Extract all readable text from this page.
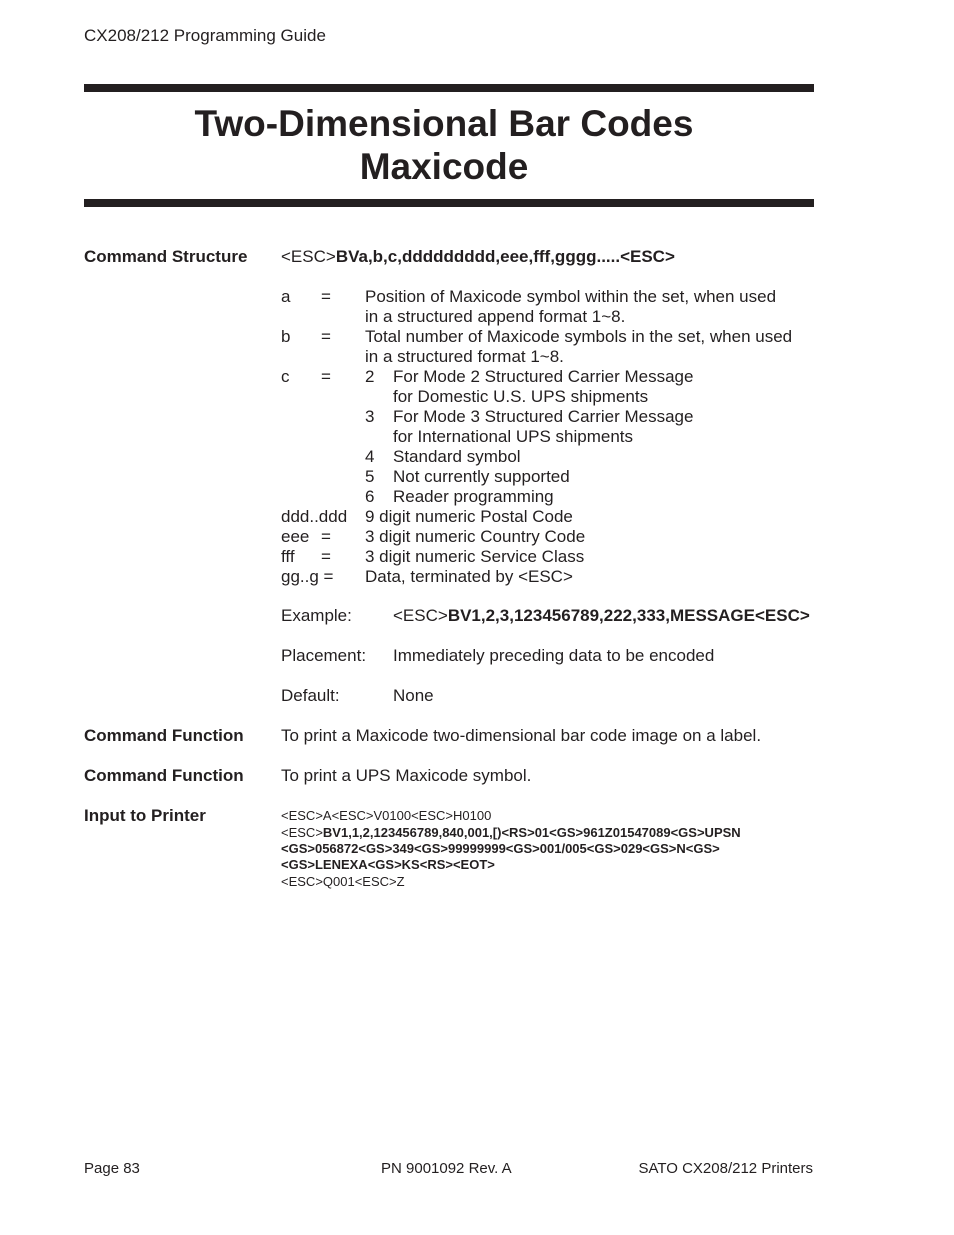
CX208/212 Programming Guide
Two-Dimensional Bar Codes
Maxicode
Command Structure <ESC>BVa,b,c,ddddddddd,eee,fff,gggg.....<ESC>
a = Position of Maxicode symbol within the set, when used
in a structured append format 1~8.
b = Total number of Maxicode symbols in the set, when used
in a structured format 1~8.
c = 2 For Mode 2 Structured Carrier Message
for Domestic U.S. UPS shipments
3 For Mode 3 Structured Carrier Message
for International UPS shipments
4 Standard symbol
5 Not currently supported
6 Reader programming
ddd..ddd 9 digit numeric Postal Code
eee = 3 digit numeric Country Code
fff = 3 digit numeric Service Class
gg..g = Data, terminated by <ESC>
Example: <ESC>BV1,2,3,123456789,222,333,MESSAGE<ESC>
Placement: Immediately preceding data to be encoded
Default:	None
Command Function To print a Maxicode two-dimensional bar code image on a label.
Command Function To print a UPS Maxicode symbol.
Input to Printer	<ESC>A<ESC>V0100<ESC>H0100
<ESC>BV1,1,2,123456789,840,001,[)<RS>01<GS>961Z01547089<GS>UPSN
<GS>056872<GS>349<GS>99999999<GS>001/005<GS>029<GS>N<GS>
<GS>LENEXA<GS>KS<RS><EOT>
<ESC>Q001<ESC>Z
Page 83	PN 9001092 Rev. A	SATO CX208/212 Printers
